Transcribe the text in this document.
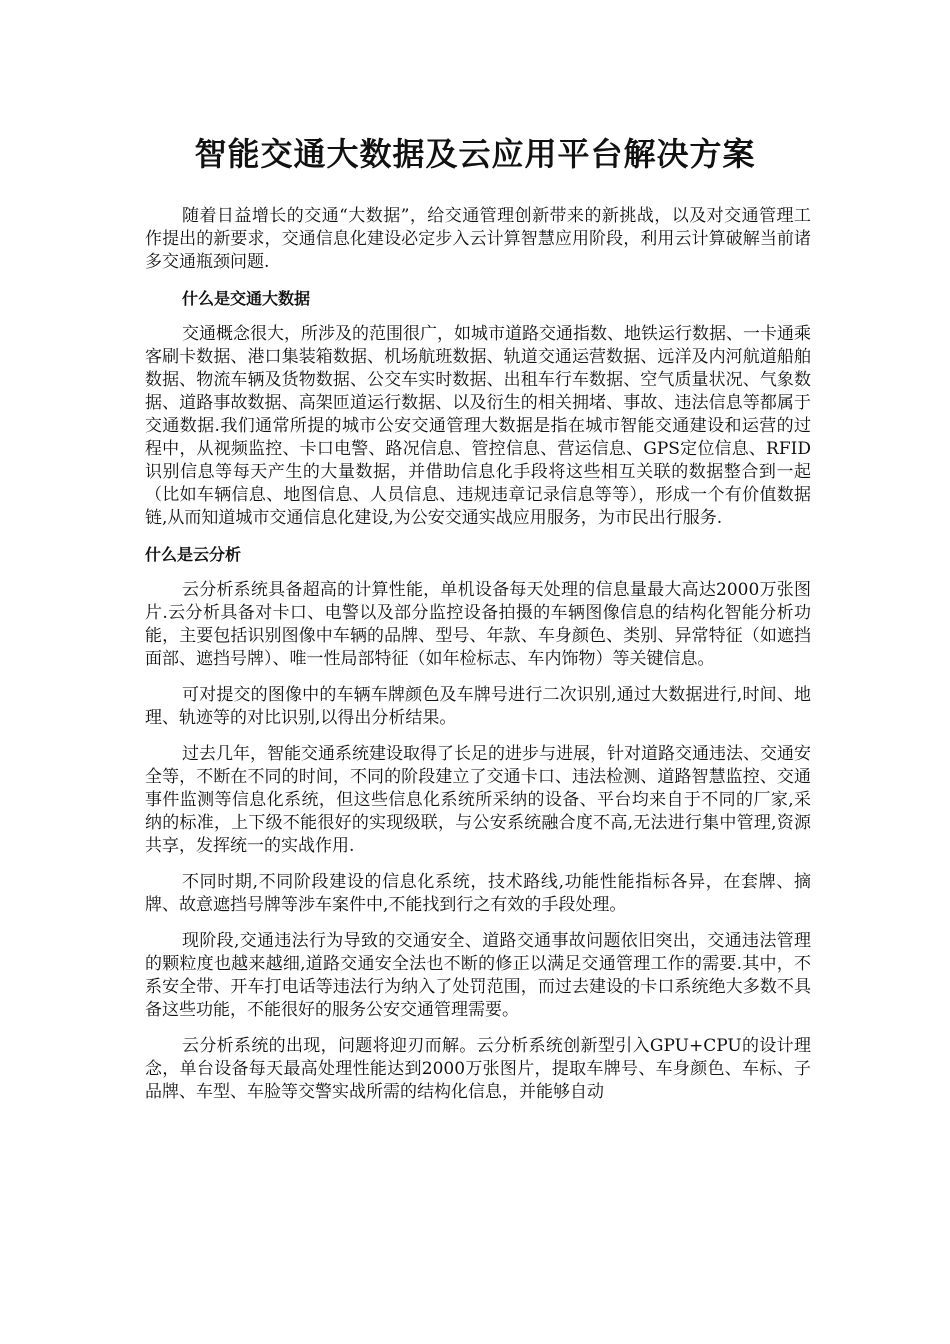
智能交通大数据及云应用平台解决方案

随着日益增长的交通“大数据”，给交通管理创新带来的新挑战，以及对交通管理工作提出的新要求，交通信息化建设必定步入云计算智慧应用阶段，利用云计算破解当前诸多交通瓶颈问题.

什么是交通大数据

交通概念很大，所涉及的范围很广，如城市道路交通指数、地铁运行数据、一卡通乘客刷卡数据、港口集装箱数据、机场航班数据、轨道交通运营数据、远洋及内河航道船舶数据、物流车辆及货物数据、公交车实时数据、出租车行车数据、空气质量状况、气象数据、道路事故数据、高架匝道运行数据、以及衍生的相关拥堵、事故、违法信息等都属于交通数据.我们通常所提的城市公安交通管理大数据是指在城市智能交通建设和运营的过程中，从视频监控、卡口电警、路况信息、管控信息、营运信息、GPS定位信息、RFID识别信息等每天产生的大量数据，并借助信息化手段将这些相互关联的数据整合到一起（比如车辆信息、地图信息、人员信息、违规违章记录信息等等），形成一个有价值数据链,从而知道城市交通信息化建设,为公安交通实战应用服务，为市民出行服务.

什么是云分析

云分析系统具备超高的计算性能，单机设备每天处理的信息量最大高达2000万张图片.云分析具备对卡口、电警以及部分监控设备拍摄的车辆图像信息的结构化智能分析功能，主要包括识别图像中车辆的品牌、型号、年款、车身颜色、类别、异常特征（如遮挡面部、遮挡号牌）、唯一性局部特征（如年检标志、车内饰物）等关键信息。

可对提交的图像中的车辆车牌颜色及车牌号进行二次识别,通过大数据进行,时间、地理、轨迹等的对比识别,以得出分析结果。

过去几年，智能交通系统建设取得了长足的进步与进展，针对道路交通违法、交通安全等，不断在不同的时间，不同的阶段建立了交通卡口、违法检测、道路智慧监控、交通事件监测等信息化系统，但这些信息化系统所采纳的设备、平台均来自于不同的厂家,采纳的标准，上下级不能很好的实现级联，与公安系统融合度不高,无法进行集中管理,资源共享，发挥统一的实战作用.

不同时期,不同阶段建设的信息化系统，技术路线,功能性能指标各异，在套牌、摘牌、故意遮挡号牌等涉车案件中,不能找到行之有效的手段处理。

现阶段,交通违法行为导致的交通安全、道路交通事故问题依旧突出，交通违法管理的颗粒度也越来越细,道路交通安全法也不断的修正以满足交通管理工作的需要.其中，不系安全带、开车打电话等违法行为纳入了处罚范围，而过去建设的卡口系统绝大多数不具备这些功能，不能很好的服务公安交通管理需要。

云分析系统的出现，问题将迎刃而解。云分析系统创新型引入GPU+CPU的设计理念，单台设备每天最高处理性能达到2000万张图片，提取车牌号、车身颜色、车标、子品牌、车型、车脸等交警实战所需的结构化信息，并能够自动
